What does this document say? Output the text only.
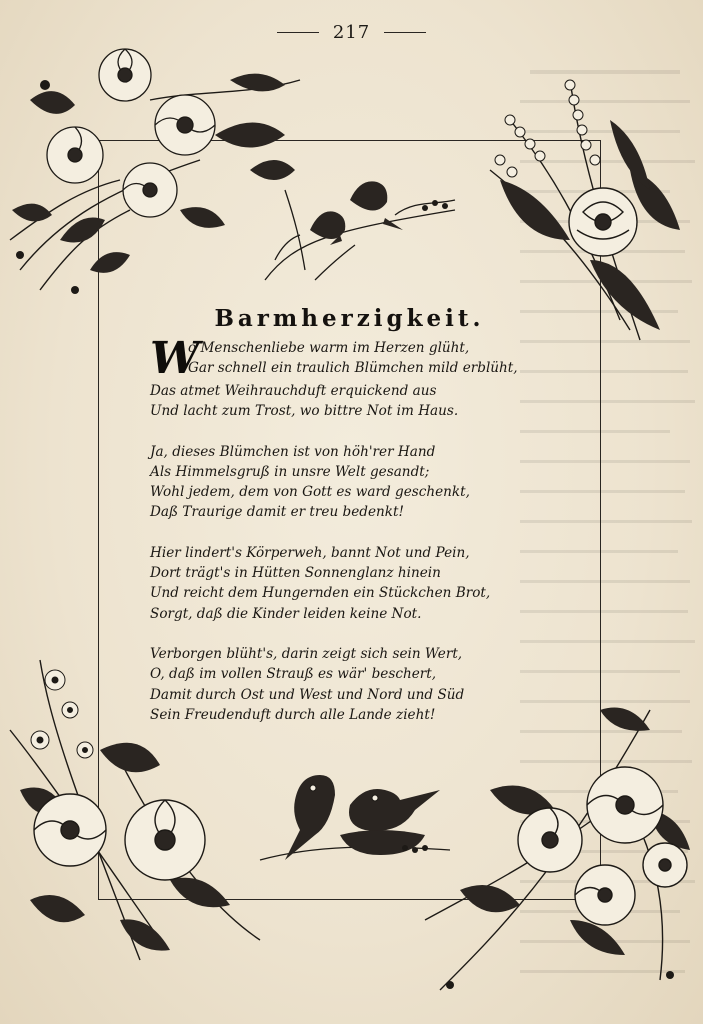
217
Barmherzigkeit.
W
o Menschenliebe warm im Herzen glüht,
Gar schnell ein traulich Blümchen mild erblüht,
Das atmet Weihrauchduft erquickend aus
Und lacht zum Trost, wo bittre Not im Haus.
Ja, dieses Blümchen ist von höh'rer Hand
Als Himmelsgruß in unsre Welt gesandt;
Wohl jedem, dem von Gott es ward geschenkt,
Daß Traurige damit er treu bedenkt!
Hier lindert's Körperweh, bannt Not und Pein,
Dort trägt's in Hütten Sonnenglanz hinein
Und reicht dem Hungernden ein Stückchen Brot,
Sorgt, daß die Kinder leiden keine Not.
Verborgen blüht's, darin zeigt sich sein Wert,
O, daß im vollen Strauß es wär' beschert,
Damit durch Ost und West und Nord und Süd
Sein Freudenduft durch alle Lande zieht!
